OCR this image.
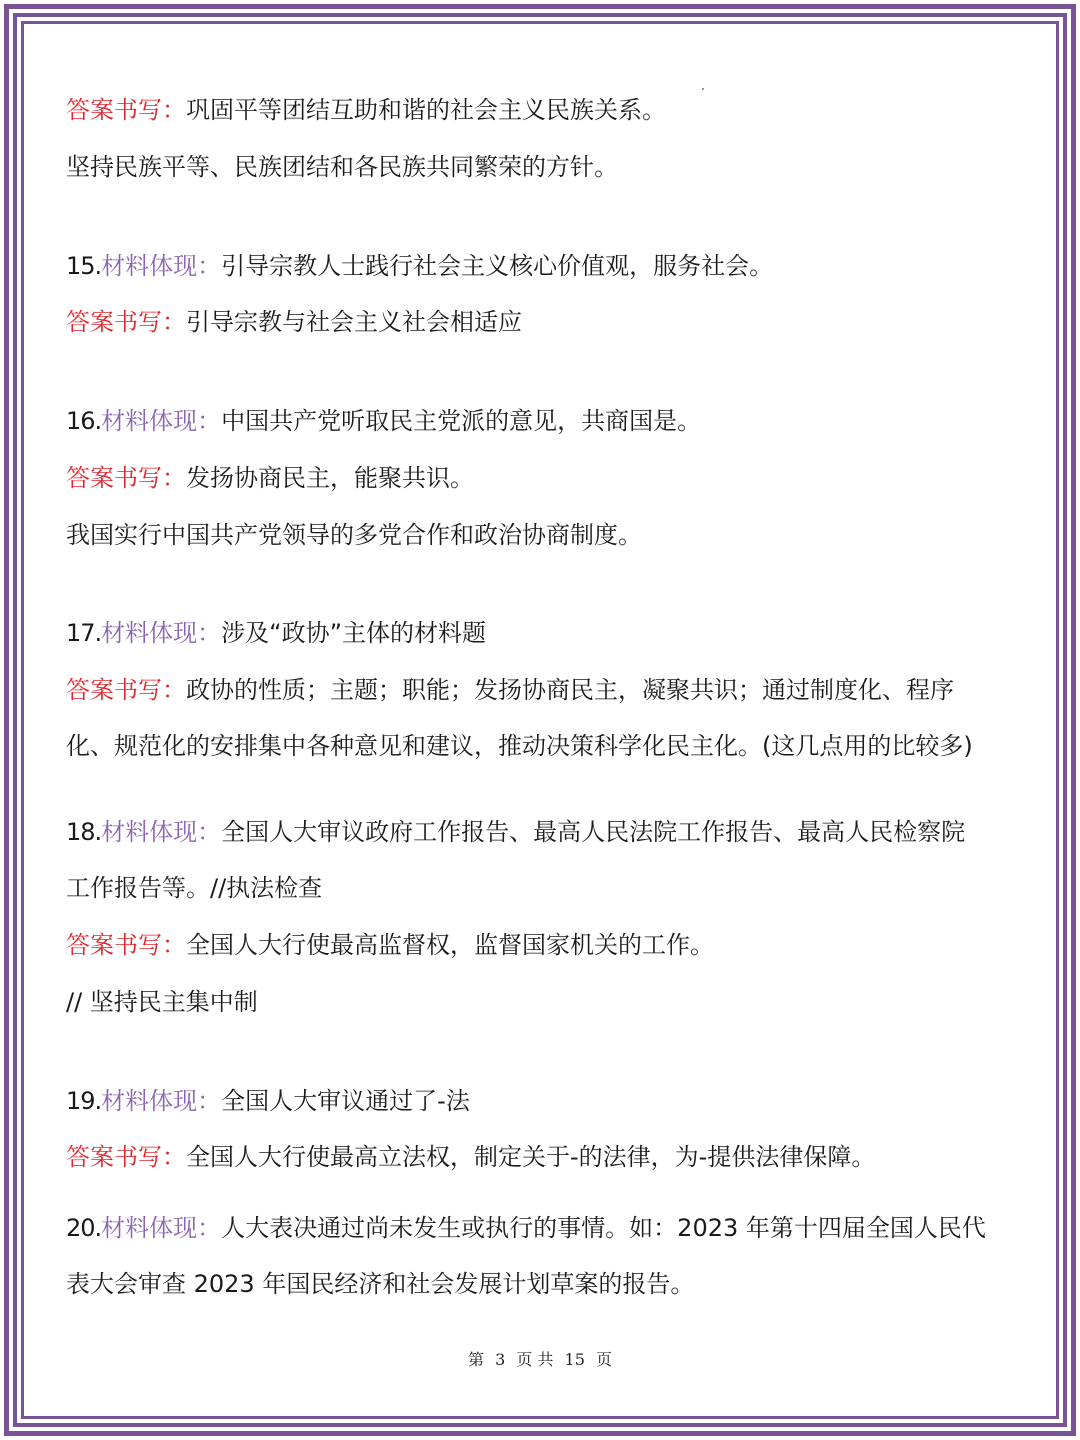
答案书写：巩固平等团结互助和谐的社会主义民族关系。
坚持民族平等、民族团结和各民族共同繁荣的方针。
15.材料体现：引导宗教人士践行社会主义核心价值观，服务社会。
答案书写：引导宗教与社会主义社会相适应
16.材料体现：中国共产党听取民主党派的意见，共商国是。
答案书写：发扬协商民主，能聚共识。
我国实行中国共产党领导的多党合作和政治协商制度。
17.材料体现：涉及“政协”主体的材料题
答案书写：政协的性质；主题；职能；发扬协商民主，凝聚共识；通过制度化、程序
化、规范化的安排集中各种意见和建议，推动决策科学化民主化。(这几点用的比较多)
18.材料体现：全国人大审议政府工作报告、最高人民法院工作报告、最高人民检察院
工作报告等。//执法检查
答案书写：全国人大行使最高监督权，监督国家机关的工作。
// 坚持民主集中制
19.材料体现：全国人大审议通过了-法
答案书写：全国人大行使最高立法权，制定关于-的法律，为-提供法律保障。
20.材料体现：人大表决通过尚未发生或执行的事情。如：2023 年第十四届全国人民代
表大会审查 2023 年国民经济和社会发展计划草案的报告。
第 3 页 共 15 页
